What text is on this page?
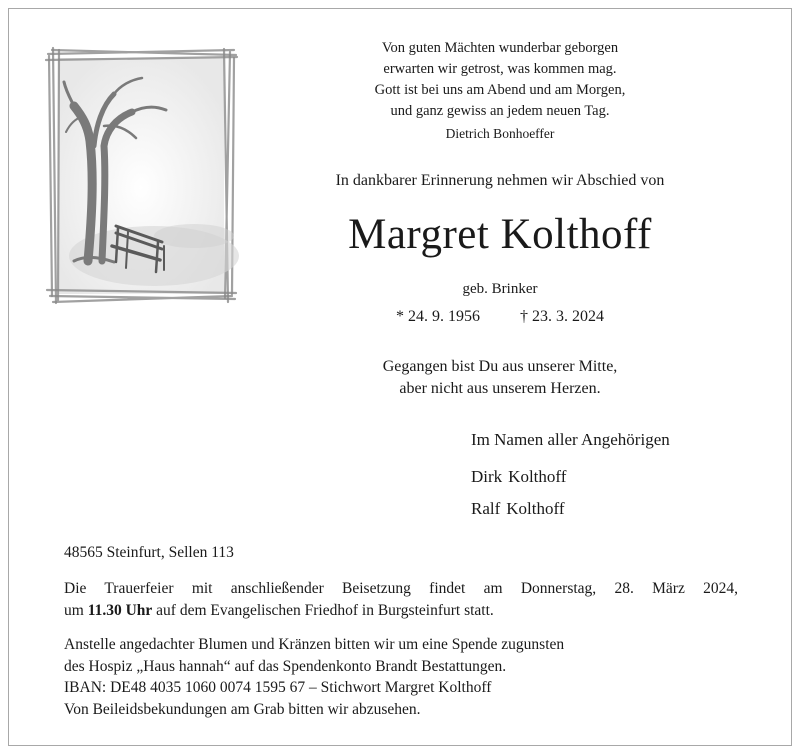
Von guten Mächten wunderbar geborgen
erwarten wir getrost, was kommen mag.
Gott ist bei uns am Abend und am Morgen,
und ganz gewiss an jedem neuen Tag.
Dietrich Bonhoeffer
In dankbarer Erinnerung nehmen wir Abschied von
Margret Kolthoff
geb. Brinker
* 24. 9. 1956	† 23. 3. 2024
Gegangen bist Du aus unserer Mitte,
aber nicht aus unserem Herzen.
Im Namen aller Angehörigen
Dirk Kolthoff
Ralf Kolthoff
48565 Steinfurt, Sellen 113
Die Trauerfeier mit anschließender Beisetzung findet am Donnerstag, 28. März 2024,
um 11.30 Uhr auf dem Evangelischen Friedhof in Burgsteinfurt statt.
Anstelle angedachter Blumen und Kränzen bitten wir um eine Spende zugunsten
des Hospiz „Haus hannah“ auf das Spendenkonto Brandt Bestattungen.
IBAN: DE48 4035 1060 0074 1595 67 – Stichwort Margret Kolthoff
Von Beileidsbekundungen am Grab bitten wir abzusehen.
